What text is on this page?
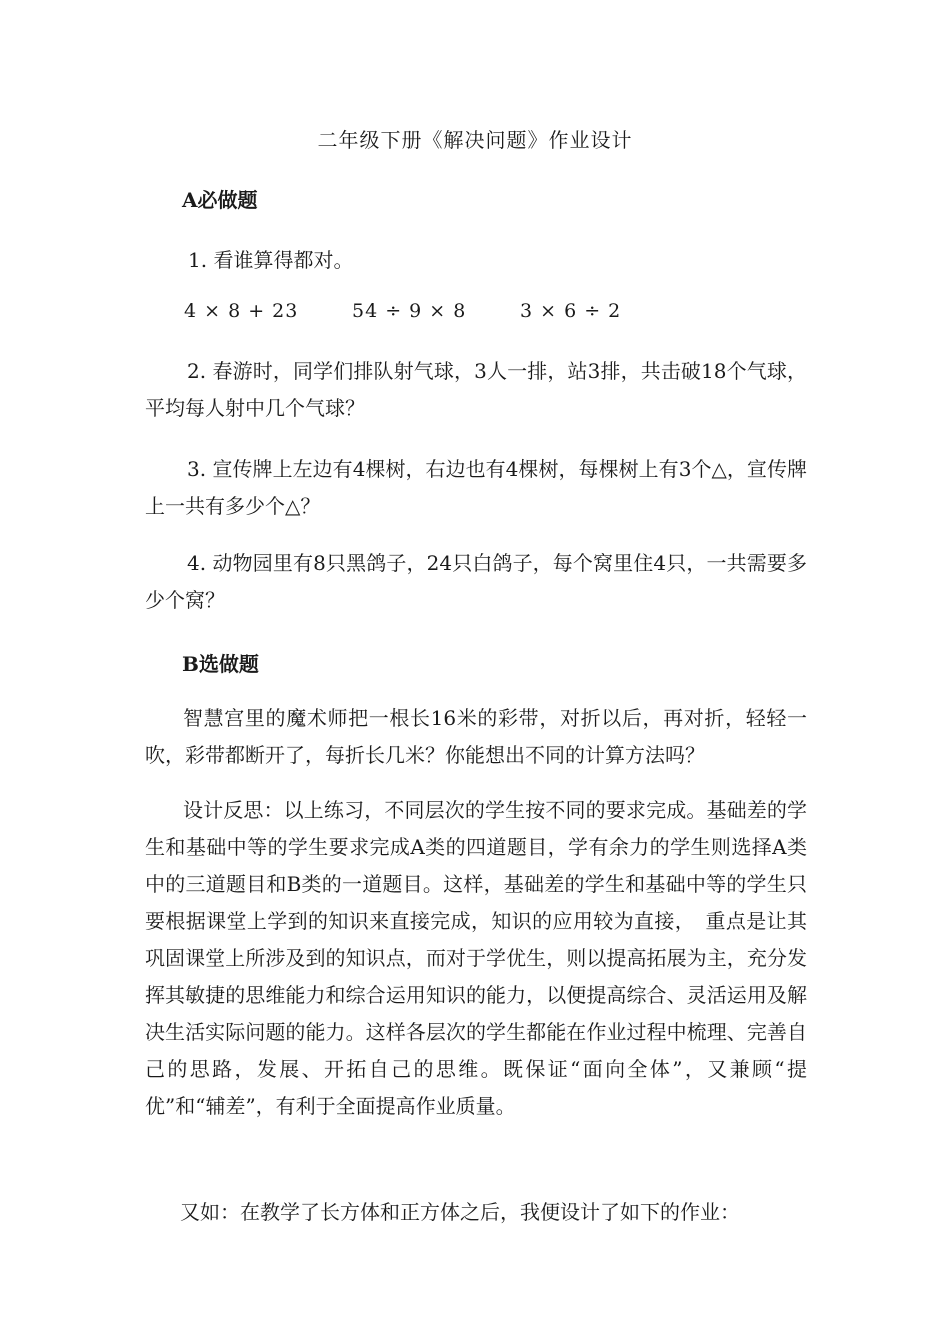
二年级下册《解决问题》作业设计
A必做题
1. 看谁算得都对。
4 × 8 + 23	54 ÷ 9 × 8	3 × 6 ÷ 2
2. 春游时，同学们排队射气球，3人一排，站3排，共击破18个气球，平均每人射中几个气球？
3. 宣传牌上左边有4棵树，右边也有4棵树，每棵树上有3个△，宣传牌上一共有多少个△？
4. 动物园里有8只黑鸽子，24只白鸽子，每个窝里住4只，一共需要多少个窝？
B选做题
智慧宫里的魔术师把一根长16米的彩带，对折以后，再对折，轻轻一吹，彩带都断开了，每折长几米？你能想出不同的计算方法吗？
设计反思：以上练习，不同层次的学生按不同的要求完成。基础差的学生和基础中等的学生要求完成A类的四道题目，学有余力的学生则选择A类中的三道题目和B类的一道题目。这样，基础差的学生和基础中等的学生只要根据课堂上学到的知识来直接完成，知识的应用较为直接，　重点是让其巩固课堂上所涉及到的知识点，而对于学优生，则以提高拓展为主，充分发挥其敏捷的思维能力和综合运用知识的能力，以便提高综合、灵活运用及解决生活实际问题的能力。这样各层次的学生都能在作业过程中梳理、完善自己的思路，发展、开拓自己的思维。既保证“面向全体”，又兼顾“提优”和“辅差”，有利于全面提高作业质量。
又如：在教学了长方体和正方体之后，我便设计了如下的作业：
